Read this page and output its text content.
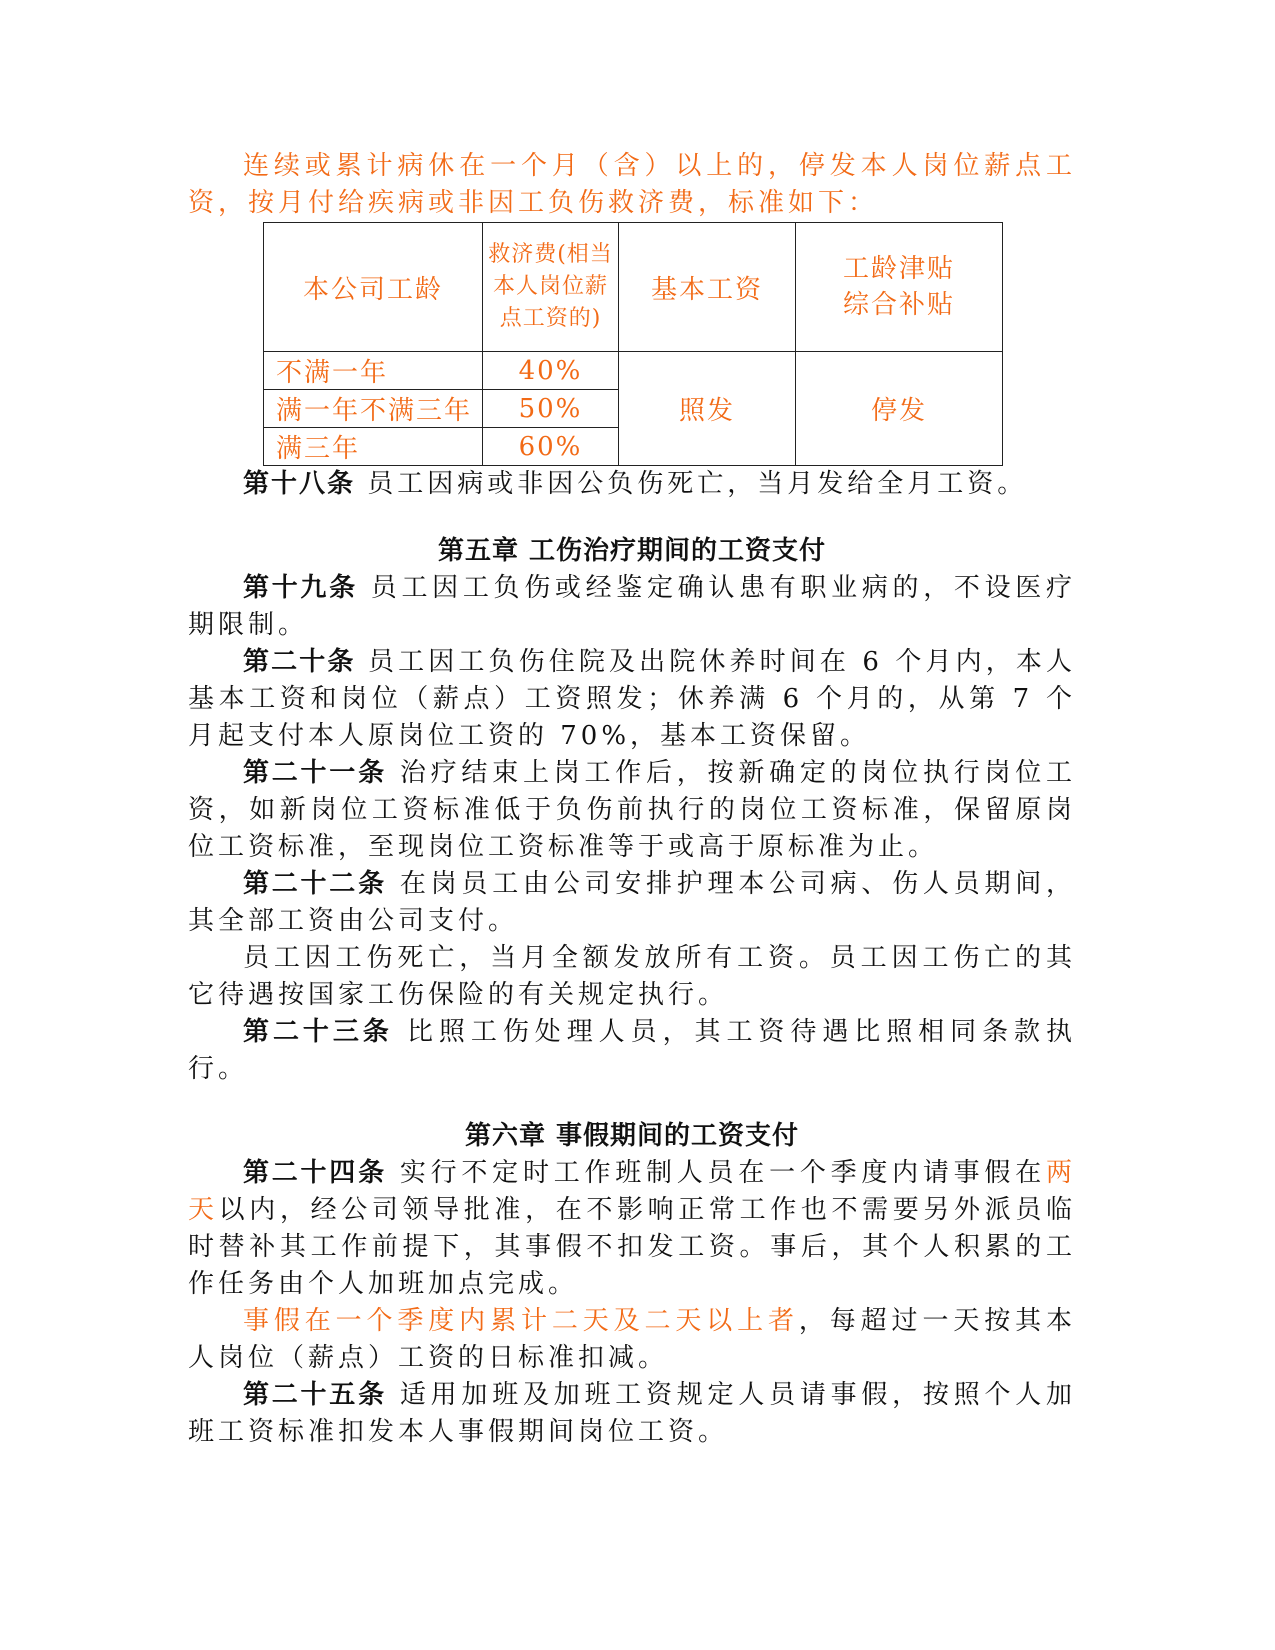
连续或累计病休在一个月（含）以上的，停发本人岗位薪点工资，按月付给疾病或非因工负伤救济费，标准如下：

本公司工龄	救济费(相当本人岗位薪点工资的)	基本工资	工龄津贴
综合补贴
不满一年	40%	照发	停发
满一年不满三年	50%		
满三年	60%		

第十八条 员工因病或非因公负伤死亡，当月发给全月工资。

第五章 工伤治疗期间的工资支付

第十九条 员工因工负伤或经鉴定确认患有职业病的，不设医疗期限制。

第二十条 员工因工负伤住院及出院休养时间在 6 个月内，本人基本工资和岗位（薪点）工资照发；休养满 6 个月的，从第 7 个月起支付本人原岗位工资的 70%，基本工资保留。

第二十一条 治疗结束上岗工作后，按新确定的岗位执行岗位工资，如新岗位工资标准低于负伤前执行的岗位工资标准，保留原岗位工资标准，至现岗位工资标准等于或高于原标准为止。

第二十二条 在岗员工由公司安排护理本公司病、伤人员期间，其全部工资由公司支付。

员工因工伤死亡，当月全额发放所有工资。员工因工伤亡的其它待遇按国家工伤保险的有关规定执行。

第二十三条 比照工伤处理人员，其工资待遇比照相同条款执行。

第六章 事假期间的工资支付

第二十四条 实行不定时工作班制人员在一个季度内请事假在两天以内，经公司领导批准，在不影响正常工作也不需要另外派员临时替补其工作前提下，其事假不扣发工资。事后，其个人积累的工作任务由个人加班加点完成。

事假在一个季度内累计二天及二天以上者，每超过一天按其本人岗位（薪点）工资的日标准扣减。

第二十五条 适用加班及加班工资规定人员请事假，按照个人加班工资标准扣发本人事假期间岗位工资。
